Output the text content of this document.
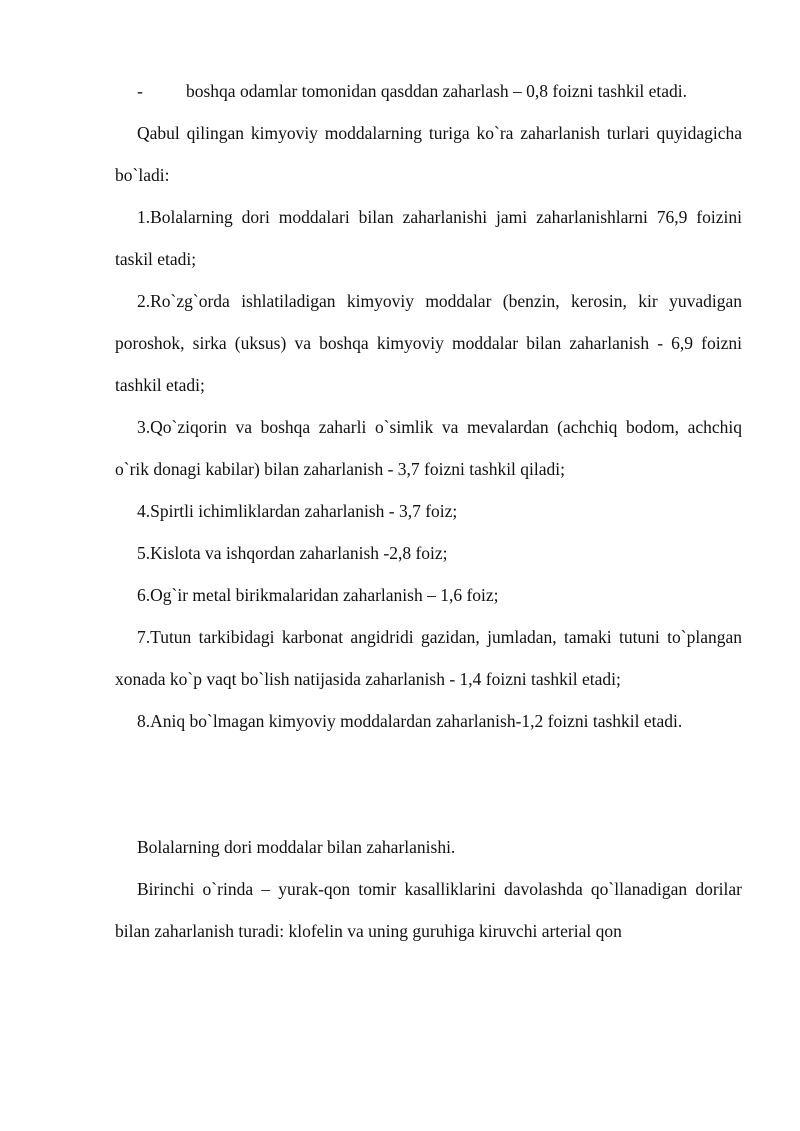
-	boshqa odamlar tomonidan qasddan zaharlash – 0,8 foizni tashkil etadi.

Qabul qilingan kimyoviy moddalarning turiga ko`ra zaharlanish turlari quyidagicha bo`ladi:

1.Bolalarning dori moddalari bilan zaharlanishi jami zaharlanishlarni 76,9 foizini taskil etadi;

2.Ro`zg`orda ishlatiladigan kimyoviy moddalar (benzin, kerosin, kir yuvadigan poroshok, sirka (uksus) va boshqa kimyoviy moddalar bilan zaharlanish - 6,9 foizni tashkil etadi;

3.Qo`ziqorin va boshqa zaharli o`simlik va mevalardan (achchiq bodom, achchiq o`rik donagi kabilar) bilan zaharlanish - 3,7 foizni tashkil qiladi;

4.Spirtli ichimliklardan zaharlanish - 3,7 foiz;

5.Kislota va ishqordan zaharlanish -2,8 foiz;

6.Og`ir metal birikmalaridan zaharlanish – 1,6 foiz;

7.Tutun tarkibidagi karbonat angidridi gazidan, jumladan, tamaki tutuni to`plangan xonada ko`p vaqt bo`lish natijasida zaharlanish - 1,4 foizni tashkil etadi;

8.Aniq bo`lmagan kimyoviy moddalardan zaharlanish-1,2 foizni tashkil etadi.

Bolalarning dori moddalar bilan zaharlanishi.

Birinchi o`rinda – yurak-qon tomir kasalliklarini davolashda qo`llanadigan dorilar bilan zaharlanish turadi: klofelin va uning guruhiga kiruvchi arterial qon
